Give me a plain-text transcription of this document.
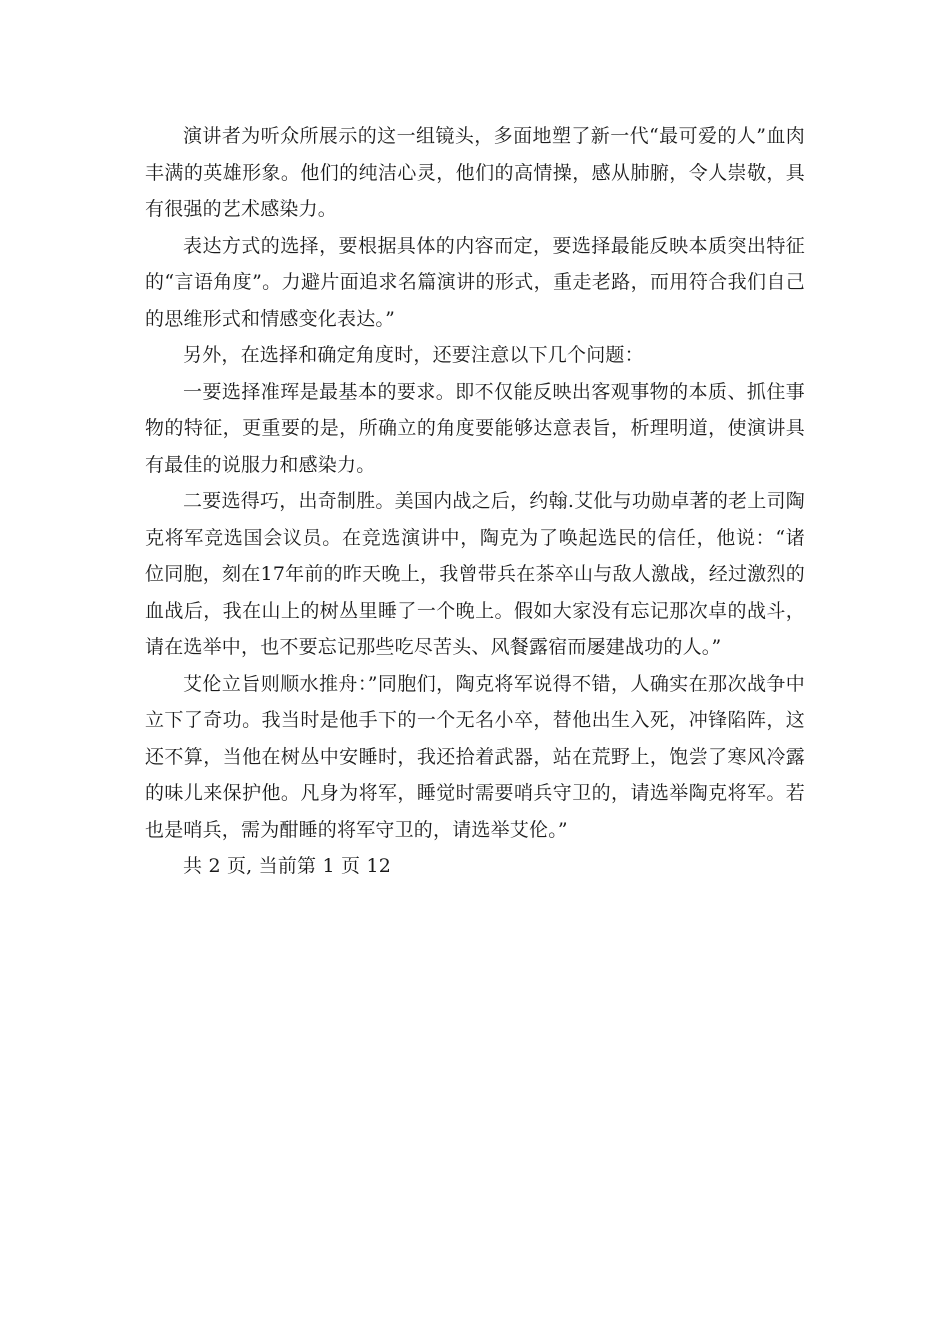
演讲者为听众所展示的这一组镜头，多面地塑了新一代“最可爱的人”血肉丰满的英雄形象。他们的纯洁心灵，他们的高情操，感从肺腑，令人崇敬，具有很强的艺术感染力。

表达方式的选择，要根据具体的内容而定，要选择最能反映本质突出特征的“言语角度”。力避片面追求名篇演讲的形式，重走老路，而用符合我们自己的思维形式和情感变化表达。”

另外，在选择和确定角度时，还要注意以下几个问题：

一要选择准珲是最基本的要求。即不仅能反映出客观事物的本质、抓住事物的特征，更重要的是，所确立的角度要能够达意表旨，析理明道，使演讲具有最佳的说服力和感染力。

二要选得巧，出奇制胜。美国内战之后，约翰.艾仳与功勋卓著的老上司陶克将军竞选国会议员。在竞选演讲中，陶克为了唤起选民的信任，他说：“诸位同胞，刻在17年前的昨天晚上，我曾带兵在茶卒山与敌人激战，经过激烈的血战后，我在山上的树丛里睡了一个晚上。假如大家没有忘记那次卓的战斗，请在选举中，也不要忘记那些吃尽苦头、风餐露宿而屡建战功的人。”

艾伦立旨则顺水推舟：”同胞们，陶克将军说得不错，人确实在那次战争中立下了奇功。我当时是他手下的一个无名小卒，替他出生入死，冲锋陷阵，这还不算，当他在树丛中安睡时，我还拾着武器，站在荒野上，饱尝了寒风冷露的味儿来保护他。凡身为将军，睡觉时需要哨兵守卫的，请选举陶克将军。若也是哨兵，需为酣睡的将军守卫的，请选举艾伦。”

共 2 页, 当前第 1 页 12
